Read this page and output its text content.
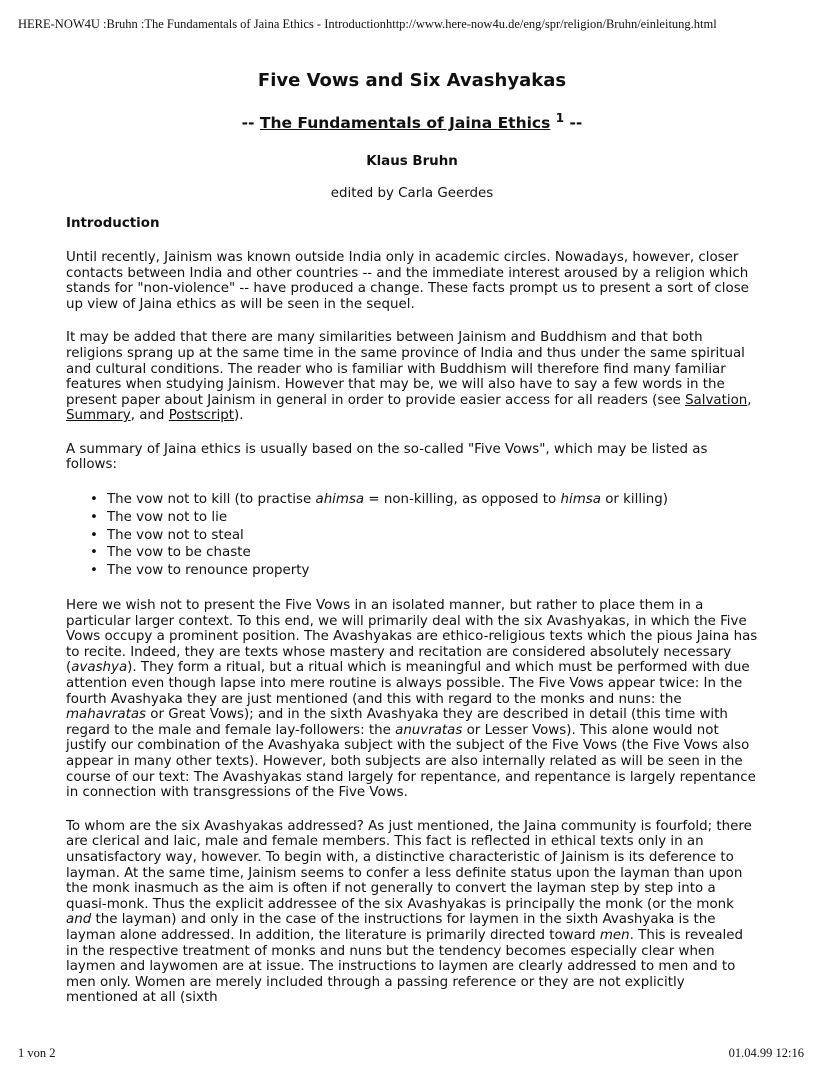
HERE-NOW4U :Bruhn :The Fundamentals of Jaina Ethics - Introductionhttp://www.here-now4u.de/eng/spr/religion/Bruhn/einleitung.html
Five Vows and Six Avashyakas
-- The Fundamentals of Jaina Ethics $^1$ --
Klaus Bruhn
edited by Carla Geerdes
Introduction

Until recently, Jainism was known outside India only in academic circles. Nowadays, however, closer contacts between India and other countries -- and the immediate interest aroused by a religion which stands for "non-violence" -- have produced a change. These facts prompt us to present a sort of close up view of Jaina ethics as will be seen in the sequel.

It may be added that there are many similarities between Jainism and Buddhism and that both religions sprang up at the same time in the same province of India and thus under the same spiritual and cultural conditions. The reader who is familiar with Buddhism will therefore find many familiar features when studying Jainism. However that may be, we will also have to say a few words in the present paper about Jainism in general in order to provide easier access for all readers (see Salvation, Summary, and Postscript).

A summary of Jaina ethics is usually based on the so-called "Five Vows", which may be listed as follows:

• The vow not to kill (to practise ahimsa = non-killing, as opposed to himsa or killing)
• The vow not to lie
• The vow not to steal
• The vow to be chaste
• The vow to renounce property

Here we wish not to present the Five Vows in an isolated manner, but rather to place them in a particular larger context. To this end, we will primarily deal with the six Avashyakas, in which the Five Vows occupy a prominent position. The Avashyakas are ethico-religious texts which the pious Jaina has to recite. Indeed, they are texts whose mastery and recitation are considered absolutely necessary (avashya). They form a ritual, but a ritual which is meaningful and which must be performed with due attention even though lapse into mere routine is always possible. The Five Vows appear twice: In the fourth Avashyaka they are just mentioned (and this with regard to the monks and nuns: the mahavratas or Great Vows); and in the sixth Avashyaka they are described in detail (this time with regard to the male and female lay-followers: the anuvratas or Lesser Vows). This alone would not justify our combination of the Avashyaka subject with the subject of the Five Vows (the Five Vows also appear in many other texts). However, both subjects are also internally related as will be seen in the course of our text: The Avashyakas stand largely for repentance, and repentance is largely repentance in connection with transgressions of the Five Vows.

To whom are the six Avashyakas addressed? As just mentioned, the Jaina community is fourfold; there are clerical and laic, male and female members. This fact is reflected in ethical texts only in an unsatisfactory way, however. To begin with, a distinctive characteristic of Jainism is its deference to layman. At the same time, Jainism seems to confer a less definite status upon the layman than upon the monk inasmuch as the aim is often if not generally to convert the layman step by step into a quasi-monk. Thus the explicit addressee of the six Avashyakas is principally the monk (or the monk and the layman) and only in the case of the instructions for laymen in the sixth Avashyaka is the layman alone addressed. In addition, the literature is primarily directed toward men. This is revealed in the respective treatment of monks and nuns but the tendency becomes especially clear when laymen and laywomen are at issue. The instructions to laymen are clearly addressed to men and to men only. Women are merely included through a passing reference or they are not explicitly mentioned at all (sixth

1 von 2	01.04.99 12:16
